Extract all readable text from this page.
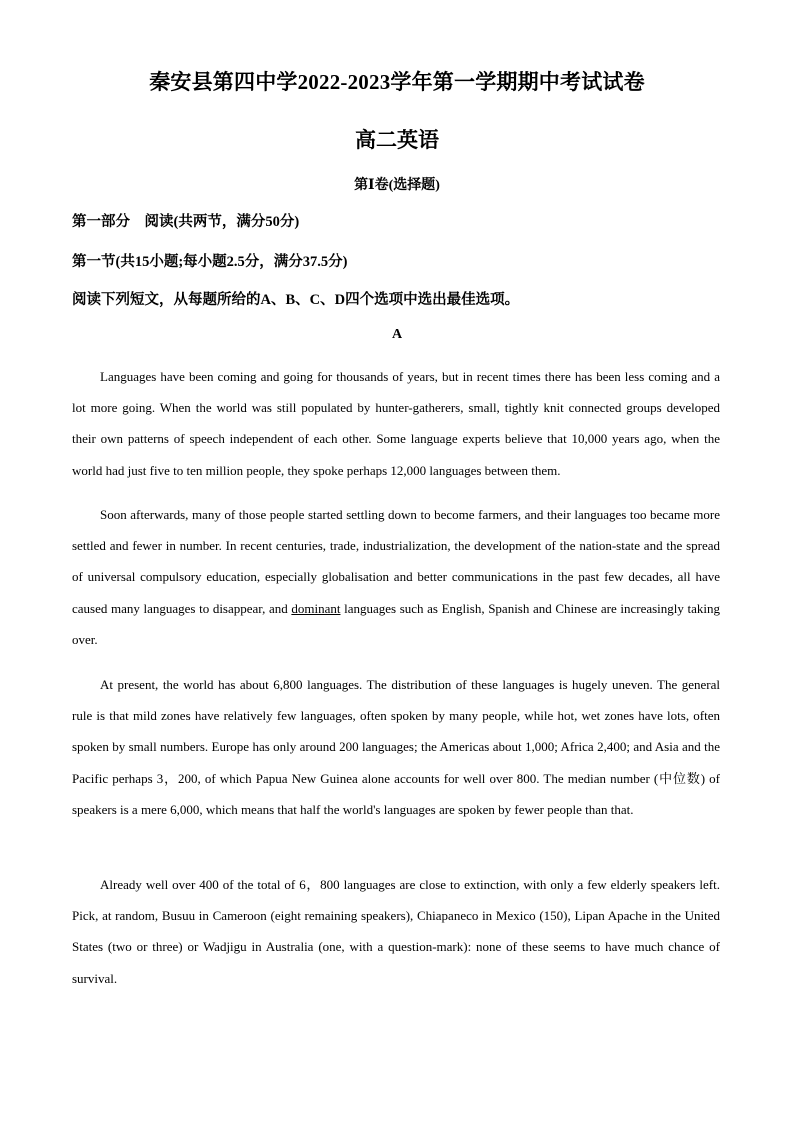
秦安县第四中学2022-2023学年第一学期期中考试试卷
高二英语
第Ⅰ卷(选择题)
第一部分　阅读(共两节，满分50分)
第一节(共15小题;每小题2.5分，满分37.5分)
阅读下列短文，从每题所给的A、B、C、D四个选项中选出最佳选项。
A

Languages have been coming and going for thousands of years, but in recent times there has been less coming and a lot more going. When the world was still populated by hunter-gatherers, small, tightly knit connected groups developed their own patterns of speech independent of each other. Some language experts believe that 10,000 years ago, when the world had just five to ten million people, they spoke perhaps 12,000 languages between them.

Soon afterwards, many of those people started settling down to become farmers, and their languages too became more settled and fewer in number. In recent centuries, trade, industrialization, the development of the nation-state and the spread of universal compulsory education, especially globalisation and better communications in the past few decades, all have caused many languages to disappear, and dominant languages such as English, Spanish and Chinese are increasingly taking over.

At present, the world has about 6,800 languages. The distribution of these languages is hugely uneven. The general rule is that mild zones have relatively few languages, often spoken by many people, while hot, wet zones have lots, often spoken by small numbers. Europe has only around 200 languages; the Americas about 1,000; Africa 2,400; and Asia and the Pacific perhaps 3，200, of which Papua New Guinea alone accounts for well over 800. The median number (中位数) of speakers is a mere 6,000, which means that half the world's languages are spoken by fewer people than that.

Already well over 400 of the total of 6，800 languages are close to extinction, with only a few elderly speakers left. Pick, at random, Busuu in Cameroon (eight remaining speakers), Chiapaneco in Mexico (150), Lipan Apache in the United States (two or three) or Wadjigu in Australia (one, with a question-mark): none of these seems to have much chance of survival.
